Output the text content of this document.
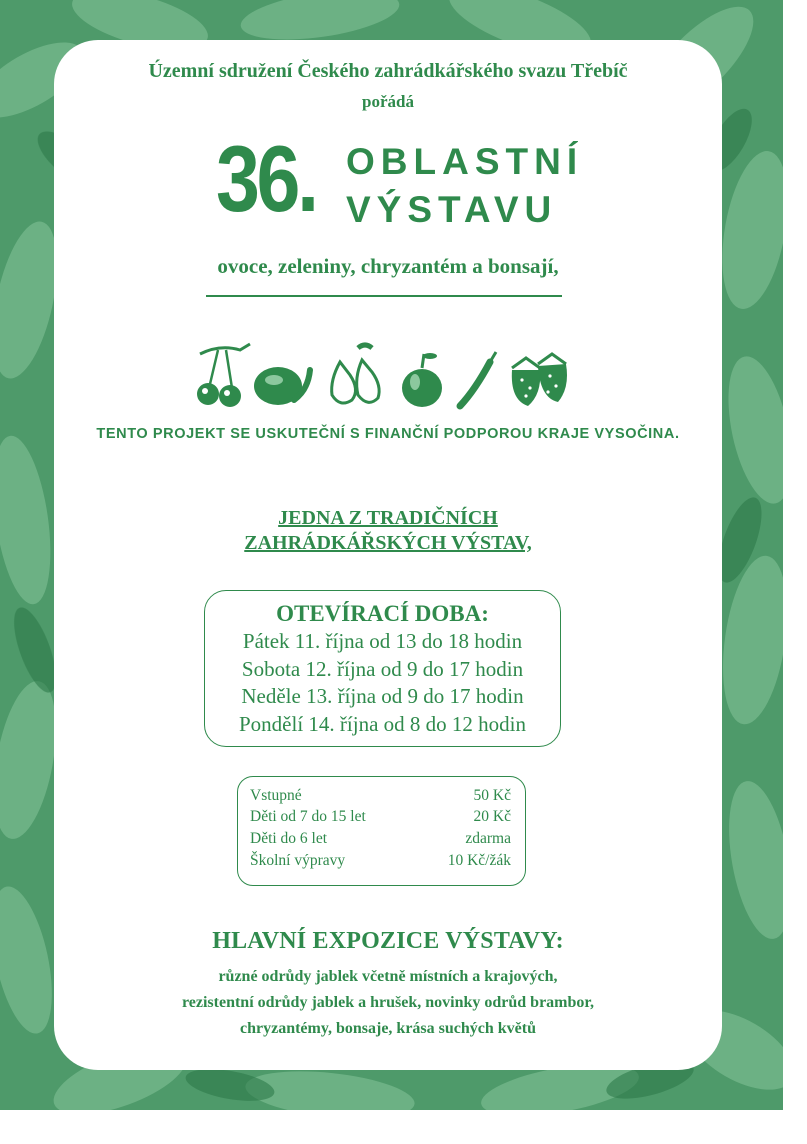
Územní sdružení Českého zahrádkářského svazu Třebíč
pořádá
36. OBLASTNÍ
VÝSTAVU
ovoce, zeleniny, chryzantém a bonsají,
TENTO PROJEKT SE USKUTEČNÍ S FINANČNÍ PODPOROU KRAJE VYSOČINA.
JEDNA Z TRADIČNÍCH
ZAHRÁDKÁŘSKÝCH VÝSTAV,
OTEVÍRACÍ DOBA:
Pátek 11. října od 13 do 18 hodin
Sobota 12. října od 9 do 17 hodin
Neděle 13. října od 9 do 17 hodin
Pondělí 14. října od 8 do 12 hodin
Vstupné	50 Kč
Děti od 7 do 15 let	20 Kč
Děti do 6 let	zdarma
Školní výpravy	10 Kč/žák
HLAVNÍ EXPOZICE VÝSTAVY:
různé odrůdy jablek včetně místních a krajových,
rezistentní odrůdy jablek a hrušek, novinky odrůd brambor,
chryzantémy, bonsaje, krása suchých květů
